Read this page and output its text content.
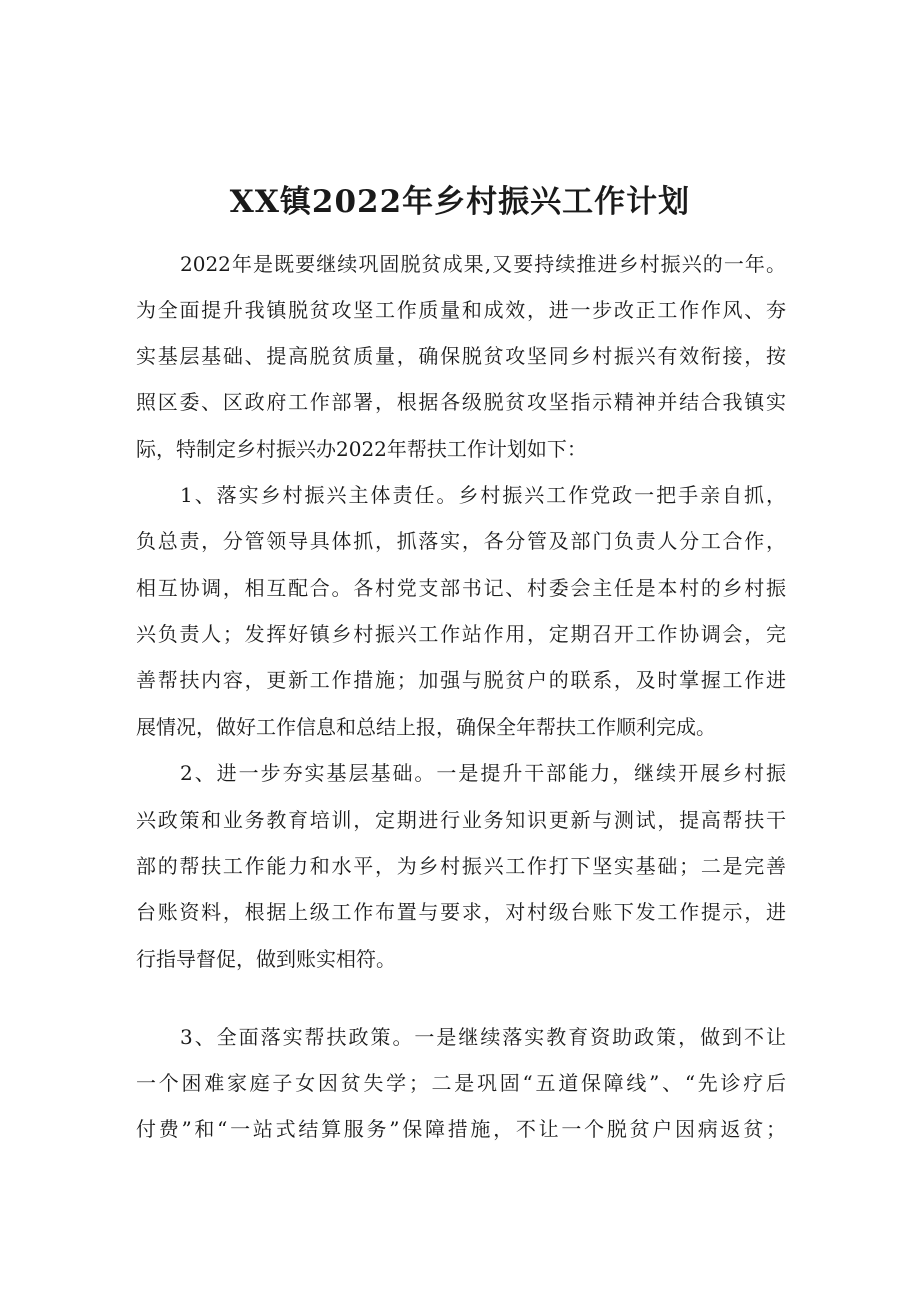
XX镇2022年乡村振兴工作计划
2022年是既要继续巩固脱贫成果,又要持续推进乡村振兴的一年。
为全面提升我镇脱贫攻坚工作质量和成效，进一步改正工作作风、夯
实基层基础、提高脱贫质量，确保脱贫攻坚同乡村振兴有效衔接，按
照区委、区政府工作部署，根据各级脱贫攻坚指示精神并结合我镇实
际，特制定乡村振兴办2022年帮扶工作计划如下：
1、落实乡村振兴主体责任。乡村振兴工作党政一把手亲自抓，
负总责，分管领导具体抓，抓落实，各分管及部门负责人分工合作，
相互协调，相互配合。各村党支部书记、村委会主任是本村的乡村振
兴负责人；发挥好镇乡村振兴工作站作用，定期召开工作协调会，完
善帮扶内容，更新工作措施；加强与脱贫户的联系，及时掌握工作进
展情况，做好工作信息和总结上报，确保全年帮扶工作顺利完成。
2、进一步夯实基层基础。一是提升干部能力，继续开展乡村振
兴政策和业务教育培训，定期进行业务知识更新与测试，提高帮扶干
部的帮扶工作能力和水平，为乡村振兴工作打下坚实基础；二是完善
台账资料，根据上级工作布置与要求，对村级台账下发工作提示，进
行指导督促，做到账实相符。
3、全面落实帮扶政策。一是继续落实教育资助政策，做到不让
一个困难家庭子女因贫失学；二是巩固“五道保障线”、“先诊疗后
付费”和“一站式结算服务”保障措施，不让一个脱贫户因病返贫；
